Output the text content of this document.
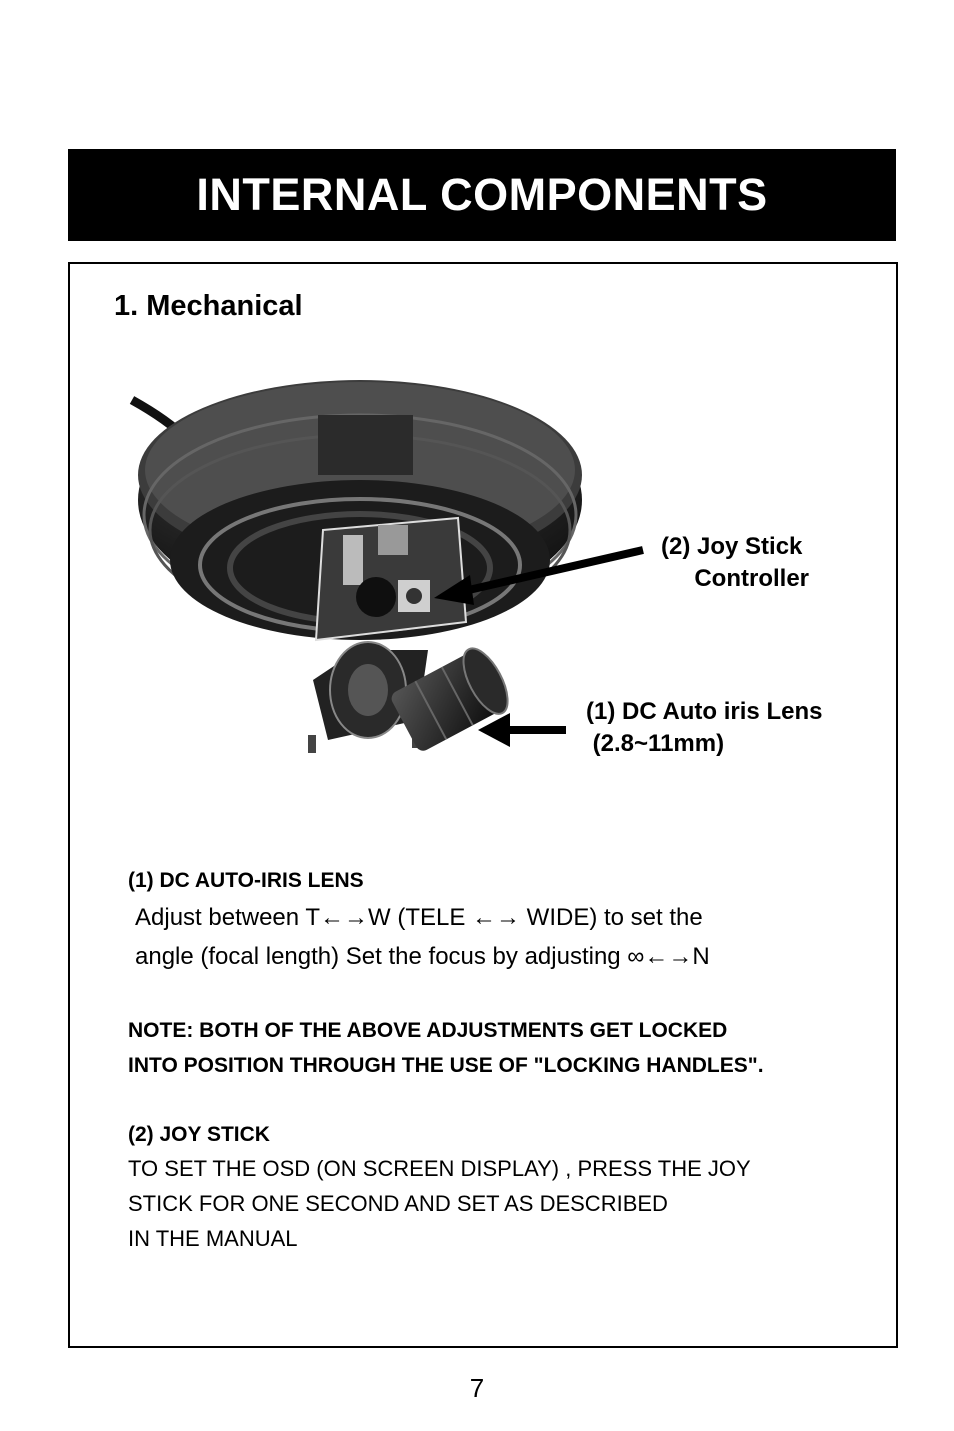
INTERNAL COMPONENTS
1. Mechanical
(2) Joy Stick
Controller
(1) DC Auto iris Lens
(2.8~11mm)
(1) DC AUTO-IRIS LENS
Adjust between T←→W (TELE ←→ WIDE) to set the
angle (focal length) Set the focus by adjusting ∞←→N
NOTE: BOTH OF THE ABOVE ADJUSTMENTS GET LOCKED
INTO POSITION THROUGH THE USE OF "LOCKING HANDLES".
(2) JOY STICK
TO SET THE OSD (ON SCREEN DISPLAY) , PRESS THE JOY
STICK FOR ONE SECOND AND SET AS DESCRIBED
IN THE MANUAL
7
